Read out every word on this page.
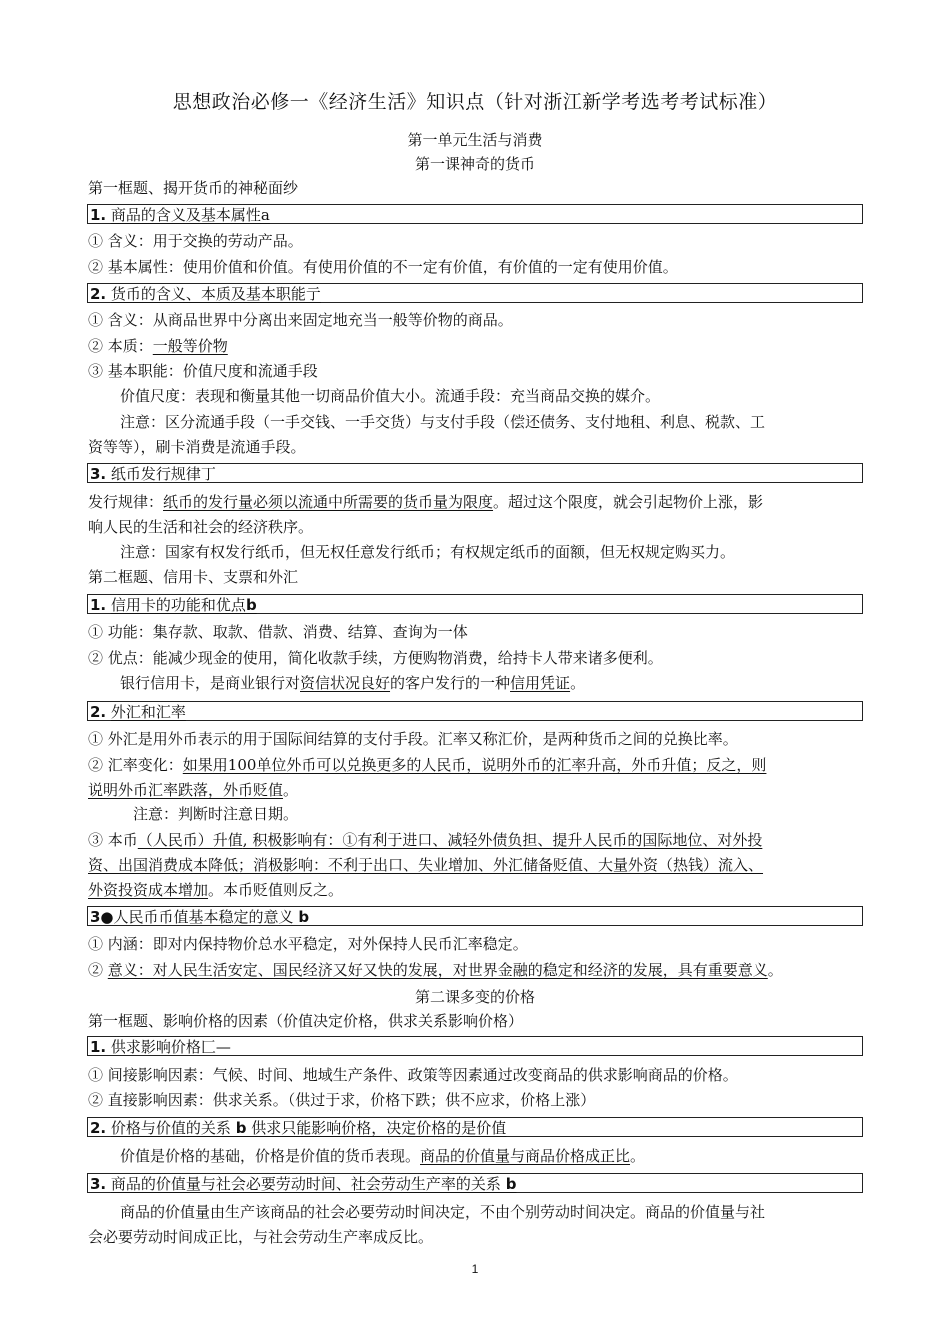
思想政治必修一《经济生活》知识点（针对浙江新学考选考考试标准）
第一单元生活与消费
第一课神奇的货币
第一框题、揭开货币的神秘面纱
1. 商品的含义及基本属性a
① 含义：用于交换的劳动产品。
② 基本属性：使用价值和价值。有使用价值的不一定有价值，有价值的一定有使用价值。
2. 货币的含义、本质及基本职能亍
① 含义：从商品世界中分离出来固定地充当一般等价物的商品。
② 本质：一般等价物
③ 基本职能：价值尺度和流通手段
价值尺度：表现和衡量其他一切商品价值大小。流通手段：充当商品交换的媒介。
注意：区分流通手段（一手交钱、一手交货）与支付手段（偿还债务、支付地租、利息、税款、工
资等等），刷卡消费是流通手段。
3. 纸币发行规律丁
发行规律：纸币的发行量必须以流通中所需要的货币量为限度。超过这个限度，就会引起物价上涨，影
响人民的生活和社会的经济秩序。
注意：国家有权发行纸币，但无权任意发行纸币；有权规定纸币的面额，但无权规定购买力。
第二框题、信用卡、支票和外汇
1. 信用卡的功能和优点b
① 功能：集存款、取款、借款、消费、结算、查询为一体
② 优点：能减少现金的使用，简化收款手续，方便购物消费，给持卡人带来诸多便利。
银行信用卡，是商业银行对资信状况良好的客户发行的一种信用凭证。
2. 外汇和汇率
① 外汇是用外币表示的用于国际间结算的支付手段。汇率又称汇价，是两种货币之间的兑换比率。
② 汇率变化：如果用100单位外币可以兑换更多的人民币，说明外币的汇率升高，外币升值；反之，则
说明外币汇率跌落，外币贬值。
注意：判断时注意日期。
③ 本币（人民币）升值, 积极影响有：①有利于进口、减轻外债负担、提升人民币的国际地位、对外投
资、出国消费成本降低；消极影响：不利于出口、失业增加、外汇储备贬值、大量外资（热钱）流入、
外资投资成本增加。本币贬值则反之。
3●人民币币值基本稳定的意义 b
① 内涵：即对内保持物价总水平稳定，对外保持人民币汇率稳定。
② 意义：对人民生活安定、国民经济又好又快的发展，对世界金融的稳定和经济的发展，具有重要意义。
第二课多变的价格
第一框题、影响价格的因素（价值决定价格，供求关系影响价格）
1. 供求影响价格匚—
① 间接影响因素：气候、时间、地域生产条件、政策等因素通过改变商品的供求影响商品的价格。
② 直接影响因素：供求关系。（供过于求，价格下跌；供不应求，价格上涨）
2. 价格与价值的关系 b 供求只能影响价格，决定价格的是价值
价值是价格的基础，价格是价值的货币表现。商品的价值量与商品价格成正比。
3. 商品的价值量与社会必要劳动时间、社会劳动生产率的关系 b
商品的价值量由生产该商品的社会必要劳动时间决定，不由个别劳动时间决定。商品的价值量与社
会必要劳动时间成正比，与社会劳动生产率成反比。
1
